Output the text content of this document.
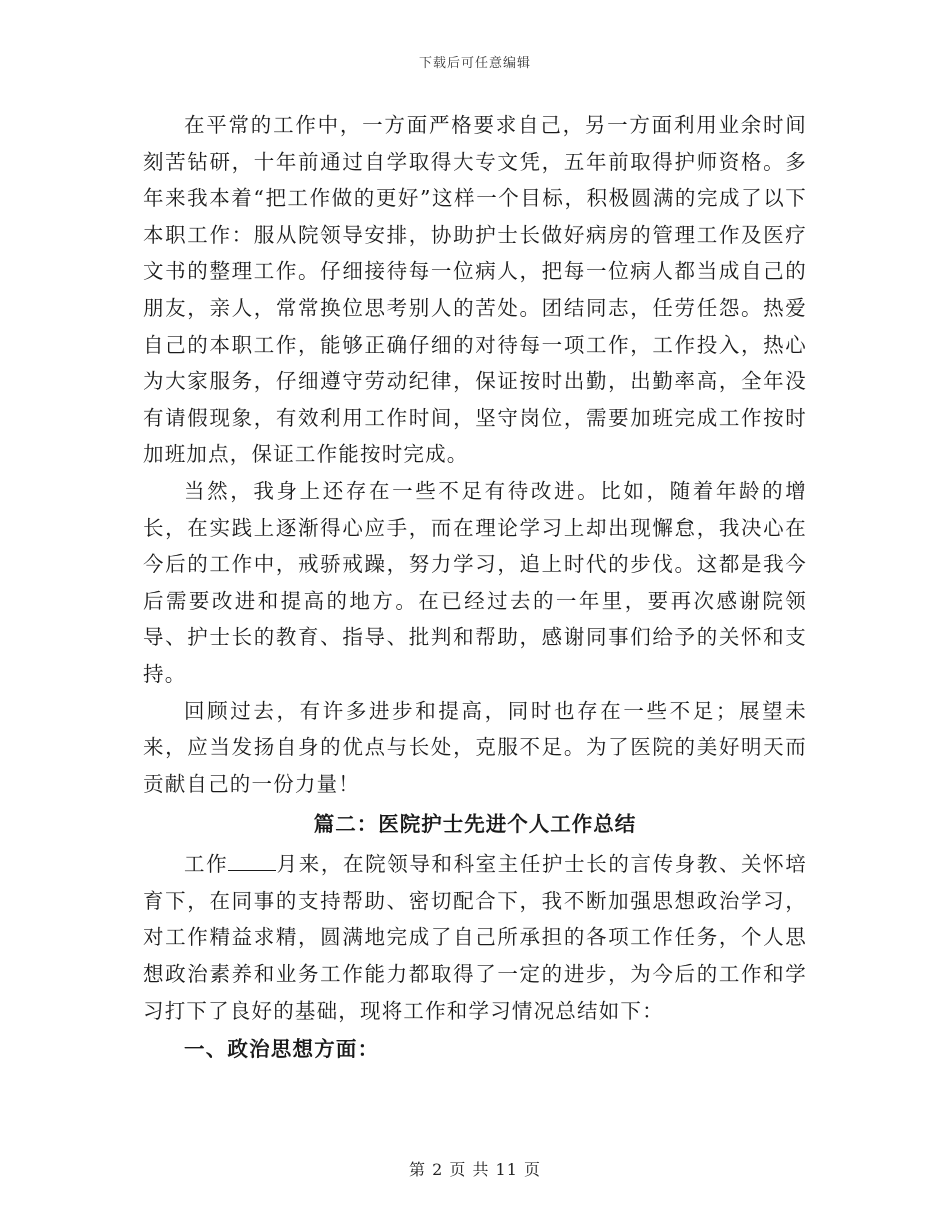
下载后可任意编辑

在平常的工作中，一方面严格要求自己，另一方面利用业余时间刻苦钻研，十年前通过自学取得大专文凭，五年前取得护师资格。多年来我本着“把工作做的更好”这样一个目标，积极圆满的完成了以下本职工作：服从院领导安排，协助护士长做好病房的管理工作及医疗文书的整理工作。仔细接待每一位病人，把每一位病人都当成自己的朋友，亲人，常常换位思考别人的苦处。团结同志，任劳任怨。热爱自己的本职工作，能够正确仔细的对待每一项工作，工作投入，热心为大家服务，仔细遵守劳动纪律，保证按时出勤，出勤率高，全年没有请假现象，有效利用工作时间，坚守岗位，需要加班完成工作按时加班加点，保证工作能按时完成。

当然，我身上还存在一些不足有待改进。比如，随着年龄的增长，在实践上逐渐得心应手，而在理论学习上却出现懈怠，我决心在今后的工作中，戒骄戒躁，努力学习，追上时代的步伐。这都是我今后需要改进和提高的地方。在已经过去的一年里，要再次感谢院领导、护士长的教育、指导、批判和帮助，感谢同事们给予的关怀和支持。

回顾过去，有许多进步和提高，同时也存在一些不足；展望未来，应当发扬自身的优点与长处，克服不足。为了医院的美好明天而贡献自己的一份力量！

篇二：医院护士先进个人工作总结

工作 月来，在院领导和科室主任护士长的言传身教、关怀培育下，在同事的支持帮助、密切配合下，我不断加强思想政治学习，对工作精益求精，圆满地完成了自己所承担的各项工作任务，个人思想政治素养和业务工作能力都取得了一定的进步，为今后的工作和学习打下了良好的基础，现将工作和学习情况总结如下：

一、政治思想方面：

第 2 页 共 11 页
